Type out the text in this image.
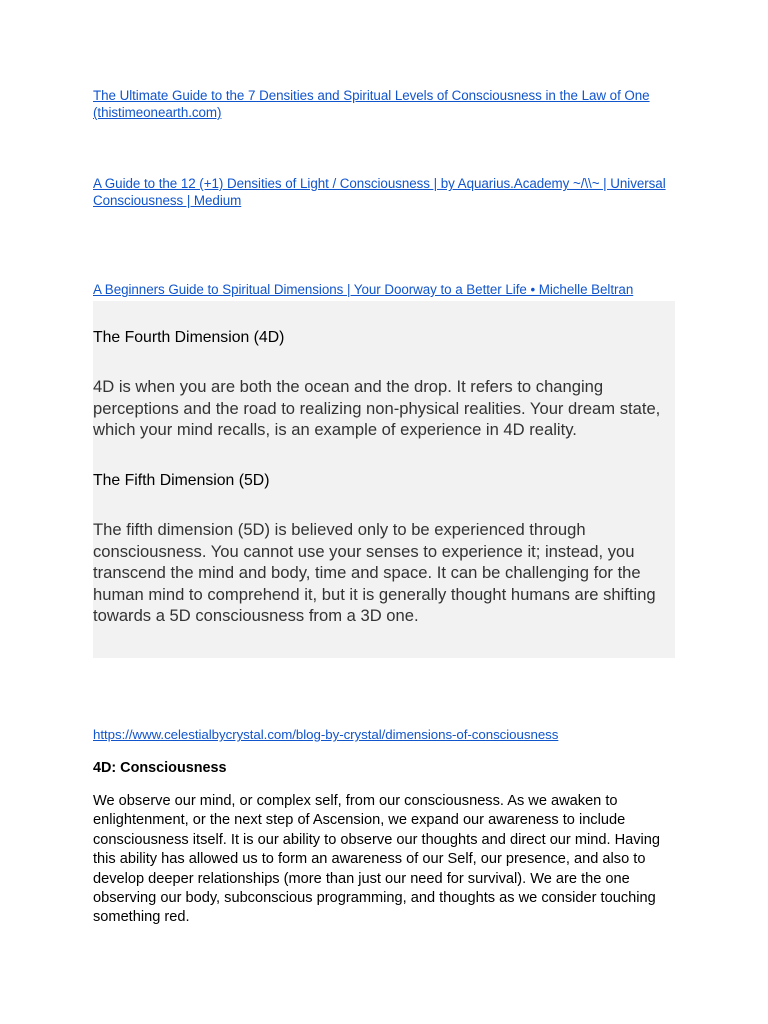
The Ultimate Guide to the 7 Densities and Spiritual Levels of Consciousness in the Law of One (thistimeonearth.com)
A Guide to the 12 (+1) Densities of Light / Consciousness | by Aquarius.Academy ~/\\~ | Universal Consciousness | Medium
A Beginners Guide to Spiritual Dimensions | Your Doorway to a Better Life • Michelle Beltran
The Fourth Dimension (4D)
4D is when you are both the ocean and the drop. It refers to changing perceptions and the road to realizing non-physical realities. Your dream state, which your mind recalls, is an example of experience in 4D reality.
The Fifth Dimension (5D)
The fifth dimension (5D) is believed only to be experienced through consciousness. You cannot use your senses to experience it; instead, you transcend the mind and body, time and space. It can be challenging for the human mind to comprehend it, but it is generally thought humans are shifting towards a 5D consciousness from a 3D one.
https://www.celestialbycrystal.com/blog-by-crystal/dimensions-of-consciousness
4D: Consciousness
We observe our mind, or complex self, from our consciousness. As we awaken to enlightenment, or the next step of Ascension, we expand our awareness to include consciousness itself. It is our ability to observe our thoughts and direct our mind. Having this ability has allowed us to form an awareness of our Self, our presence, and also to develop deeper relationships (more than just our need for survival). We are the one observing our body, subconscious programming, and thoughts as we consider touching something red.
